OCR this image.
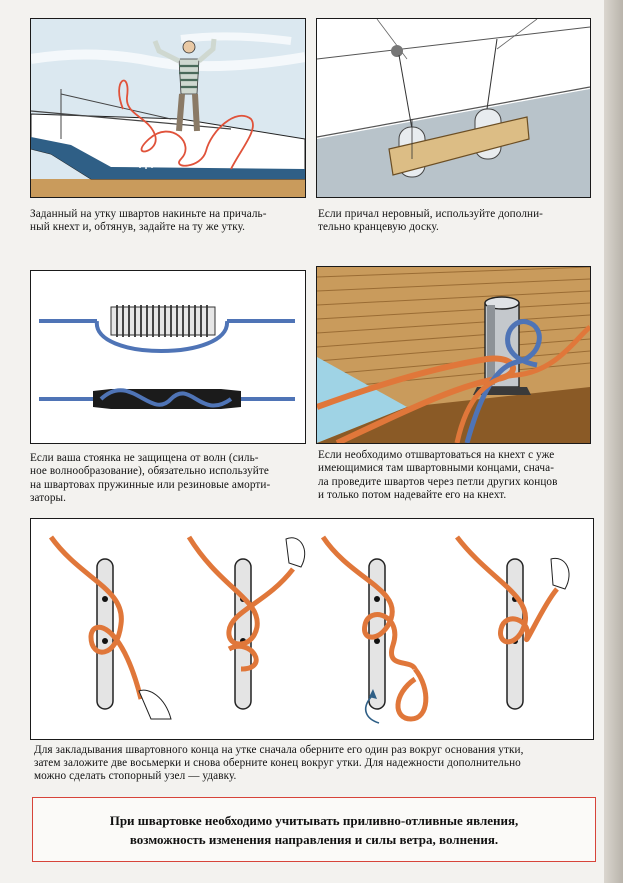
Заданный на утку швартов накиньте на причаль-
ный кнехт и, обтянув, задайте на ту же утку.
Если причал неровный, используйте дополни-
тельно кранцевую доску.
Если ваша стоянка не защищена от волн (силь-
ное волнообразование), обязательно используйте
на швартовах пружинные или резиновые аморти-
заторы.
Если необходимо отшвартоваться на кнехт с уже
имеющимися там швартовными концами, снача-
ла проведите швартов через петли других концов
и только потом надевайте его на кнехт.
Для закладывания швартовного конца на утке сначала оберните его один раз вокруг основания утки,
затем заложите две восьмерки и снова оберните конец вокруг утки. Для надежности дополнительно
можно сделать стопорный узел — удавку.
При швартовке необходимо учитывать приливно-отливные явления,
возможность изменения направления и силы ветра, волнения.
